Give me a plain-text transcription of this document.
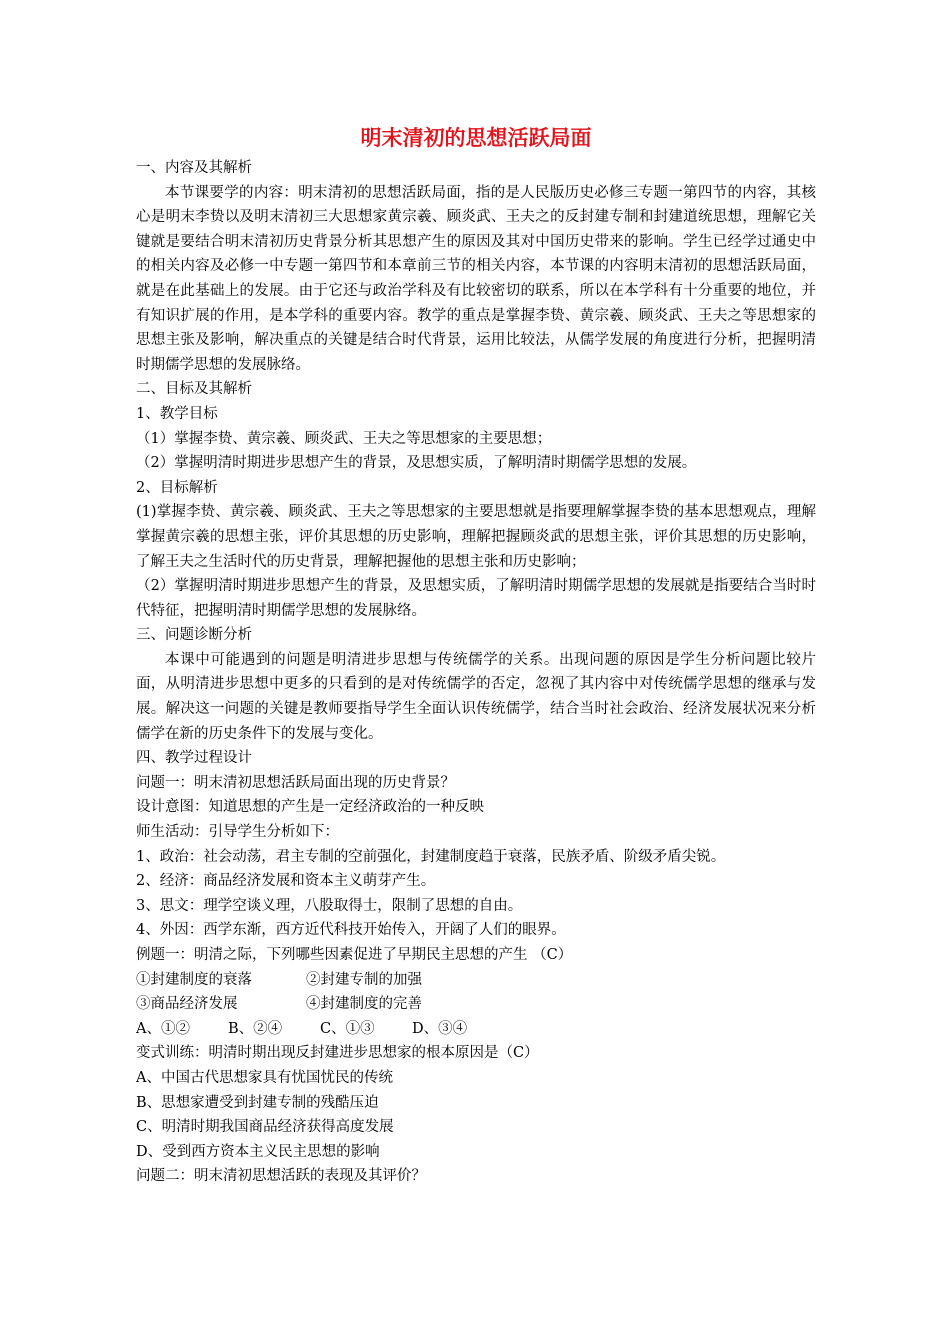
明末清初的思想活跃局面
一、内容及其解析
本节课要学的内容：明末清初的思想活跃局面，指的是人民版历史必修三专题一第四节的内容，其核心是明末李贽以及明末清初三大思想家黄宗羲、顾炎武、王夫之的反封建专制和封建道统思想，理解它关键就是要结合明末清初历史背景分析其思想产生的原因及其对中国历史带来的影响。学生已经学过通史中的相关内容及必修一中专题一第四节和本章前三节的相关内容，本节课的内容明末清初的思想活跃局面，就是在此基础上的发展。由于它还与政治学科及有比较密切的联系，所以在本学科有十分重要的地位，并有知识扩展的作用，是本学科的重要内容。教学的重点是掌握李贽、黄宗羲、顾炎武、王夫之等思想家的思想主张及影响，解决重点的关键是结合时代背景，运用比较法，从儒学发展的角度进行分析，把握明清时期儒学思想的发展脉络。
二、目标及其解析
1、教学目标
（1）掌握李贽、黄宗羲、顾炎武、王夫之等思想家的主要思想；
（2）掌握明清时期进步思想产生的背景，及思想实质，了解明清时期儒学思想的发展。
2、目标解析
(1)掌握李贽、黄宗羲、顾炎武、王夫之等思想家的主要思想就是指要理解掌握李贽的基本思想观点，理解掌握黄宗羲的思想主张，评价其思想的历史影响，理解把握顾炎武的思想主张，评价其思想的历史影响，了解王夫之生活时代的历史背景，理解把握他的思想主张和历史影响；
（2）掌握明清时期进步思想产生的背景，及思想实质，了解明清时期儒学思想的发展就是指要结合当时时代特征，把握明清时期儒学思想的发展脉络。
三、问题诊断分析
本课中可能遇到的问题是明清进步思想与传统儒学的关系。出现问题的原因是学生分析问题比较片面，从明清进步思想中更多的只看到的是对传统儒学的否定，忽视了其内容中对传统儒学思想的继承与发展。解决这一问题的关键是教师要指导学生全面认识传统儒学，结合当时社会政治、经济发展状况来分析儒学在新的历史条件下的发展与变化。
四、教学过程设计
问题一：明末清初思想活跃局面出现的历史背景？
设计意图：知道思想的产生是一定经济政治的一种反映
师生活动：引导学生分析如下：
1、政治：社会动荡，君主专制的空前强化，封建制度趋于衰落，民族矛盾、阶级矛盾尖锐。
2、经济：商品经济发展和资本主义萌芽产生。
3、思文：理学空谈义理，八股取得士，限制了思想的自由。
4、外因：西学东渐，西方近代科技开始传入，开阔了人们的眼界。
例题一：明清之际，下列哪些因素促进了早期民主思想的产生 （C）
①封建制度的衰落	②封建专制的加强
③商品经济发展	④封建制度的完善
A、①②	B、②④	C、①③	D、③④
变式训练：明清时期出现反封建进步思想家的根本原因是（C）
A、中国古代思想家具有忧国忧民的传统
B、思想家遭受到封建专制的残酷压迫
C、明清时期我国商品经济获得高度发展
D、受到西方资本主义民主思想的影响
问题二：明末清初思想活跃的表现及其评价？
